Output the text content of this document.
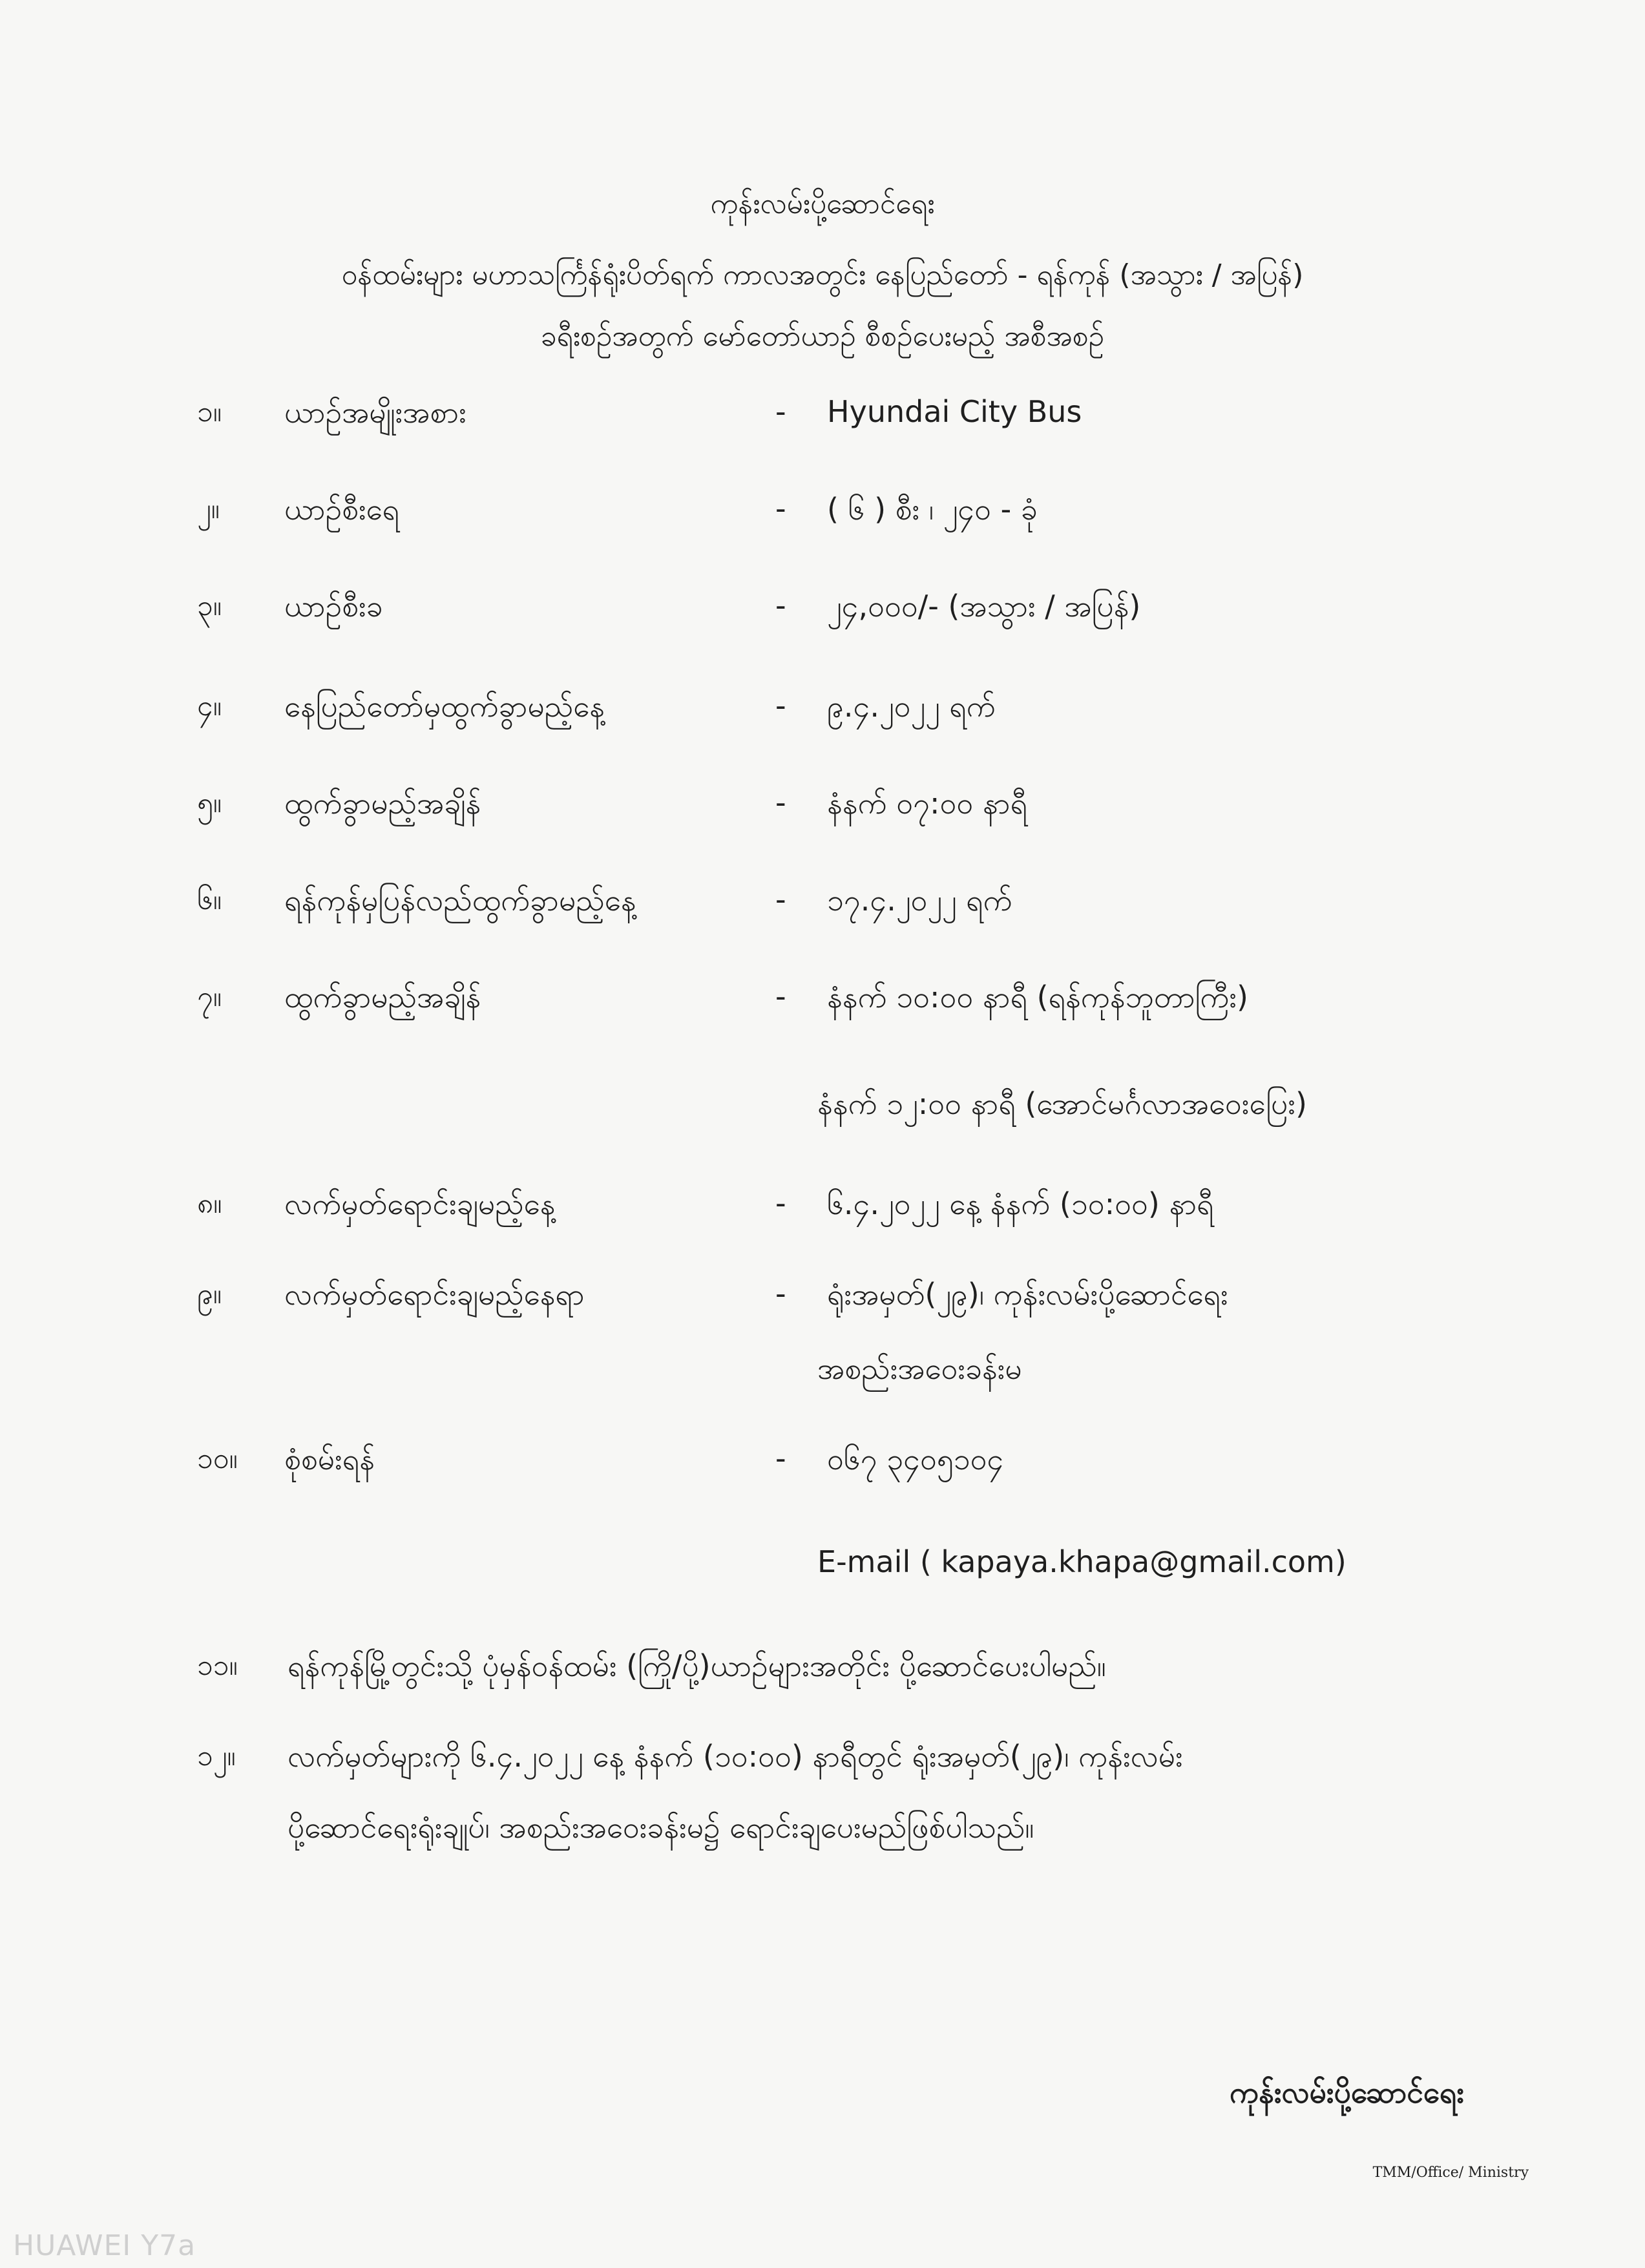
ကုန်းလမ်းပို့ဆောင်ရေး
ဝန်ထမ်းများ မဟာသင်္ကြန်ရုံးပိတ်ရက် ကာလအတွင်း နေပြည်တော် - ရန်ကုန် (အသွား / အပြန်)
ခရီးစဉ်အတွက် မော်တော်ယာဉ် စီစဉ်ပေးမည့် အစီအစဉ်
၁။ ယာဉ်အမျိုးအစား	- Hyundai City Bus
၂။ ယာဉ်စီးရေ	- ( ၆ ) စီး ၊ ၂၄၀ - ခုံ
၃။ ယာဉ်စီးခ	- ၂၄,၀၀၀/- (အသွား / အပြန်)
၄။ နေပြည်တော်မှထွက်ခွာမည့်နေ့	- ၉.၄.၂၀၂၂ ရက်
၅။ ထွက်ခွာမည့်အချိန်	- နံနက် ၀၇:၀၀ နာရီ
၆။ ရန်ကုန်မှပြန်လည်ထွက်ခွာမည့်နေ့	- ၁၇.၄.၂၀၂၂ ရက်
၇။ ထွက်ခွာမည့်အချိန်	- နံနက် ၁၀:၀၀ နာရီ (ရန်ကုန်ဘူတာကြီး)
နံနက် ၁၂:၀၀ နာရီ (အောင်မင်္ဂလာအဝေးပြေး)
၈။ လက်မှတ်ရောင်းချမည့်နေ့	- ၆.၄.၂၀၂၂ နေ့ နံနက် (၁၀:၀၀) နာရီ
၉။ လက်မှတ်ရောင်းချမည့်နေရာ	- ရုံးအမှတ်(၂၉)၊ ကုန်းလမ်းပို့ဆောင်ရေး
အစည်းအဝေးခန်းမ
၁၀။ စုံစမ်းရန်	- ၀၆၇ ၃၄၀၅၁၀၄
E-mail ( kapaya.khapa@gmail.com)
၁၁။ ရန်ကုန်မြို့တွင်းသို့ ပုံမှန်ဝန်ထမ်း (ကြို/ပို့)ယာဉ်များအတိုင်း ပို့ဆောင်ပေးပါမည်။
၁၂။ လက်မှတ်များကို ၆.၄.၂၀၂၂ နေ့ နံနက် (၁၀:၀၀) နာရီတွင် ရုံးအမှတ်(၂၉)၊ ကုန်းလမ်း
ပို့ဆောင်ရေးရုံးချုပ်၊ အစည်းအဝေးခန်းမ၌ ရောင်းချပေးမည်ဖြစ်ပါသည်။
ကုန်းလမ်းပို့ဆောင်ရေး
TMM/Office/ Ministry
HUAWEI Y7a
